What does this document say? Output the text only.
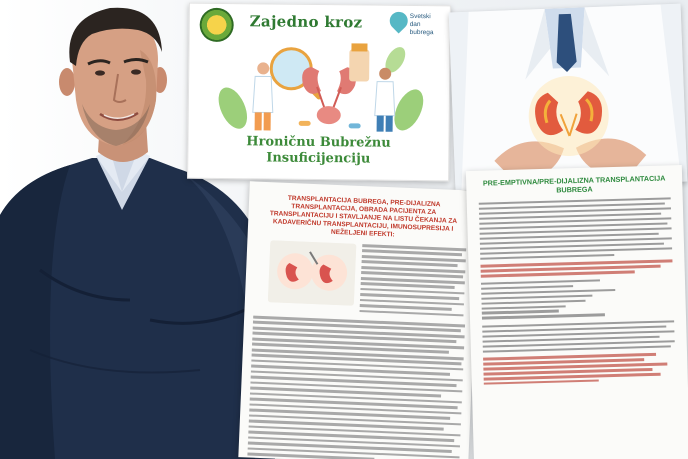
Zajedno kroz	Svetski dan bubrega
Hroničnu Bubrežnu
Insuficijenciju
TRANSPLANTACIJA BUBREGA, PRE-DIJALIZNA TRANSPLANTACIJA, OBRADA PACIJENTA ZA TRANSPLANTACIJU I STAVLJANJE NA LISTU ČEKANJA ZA KADAVERIČNU TRANSPLANTACIJU, IMUNOSUPRESIJA I NEŽELJENI EFEKTI:
PRE-EMPTIVNA/PRE-DIJALIZNA TRANSPLANTACIJA BUBREGA
